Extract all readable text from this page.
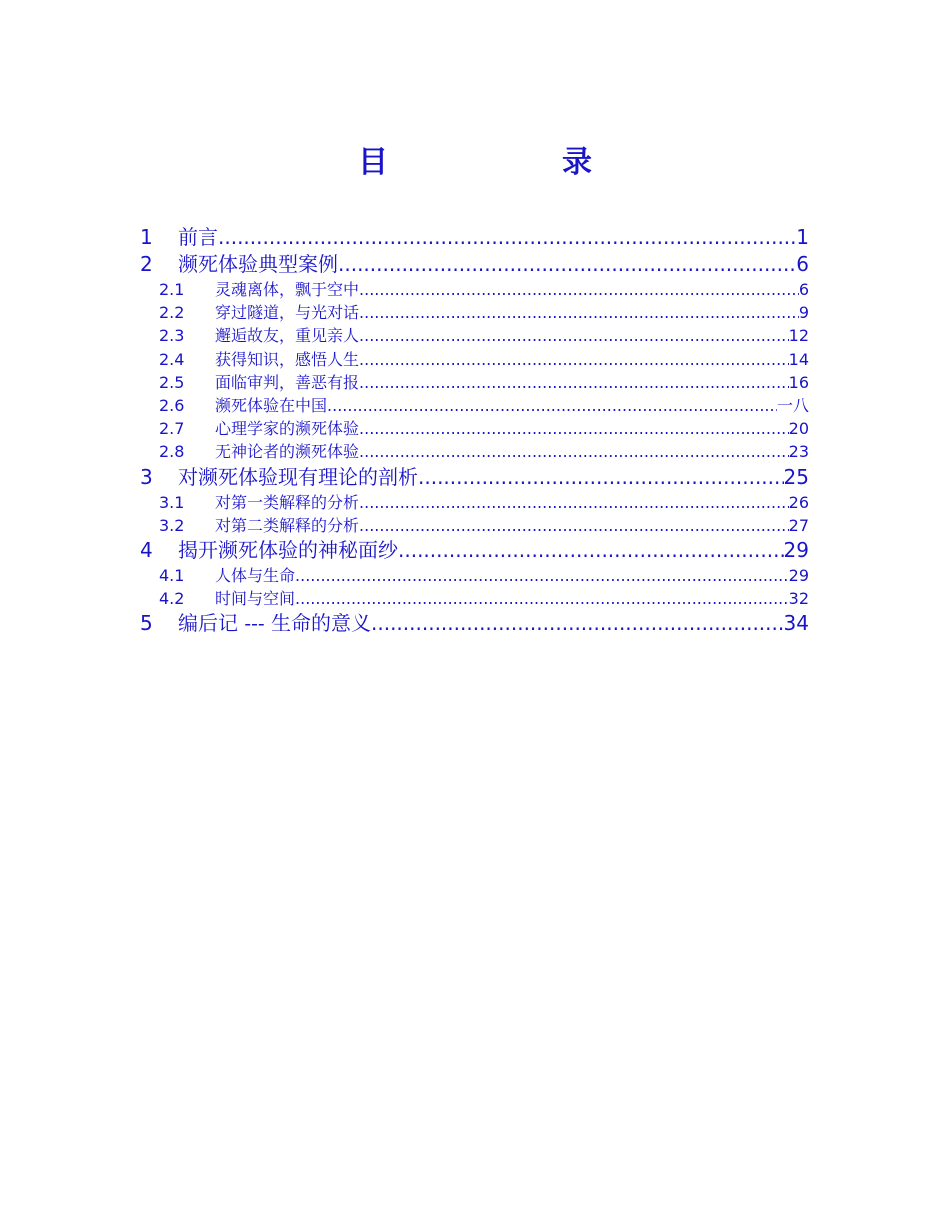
目　录
1	前言 .....	1
2	濒死体验典型案例 .....	6
2.1	灵魂离体，飘于空中 .....	6
2.2	穿过隧道，与光对话 .....	9
2.3	邂逅故友，重见亲人 .....	12
2.4	获得知识，感悟人生 .....	14
2.5	面临审判，善恶有报 .....	16
2.6	濒死体验在中国 .....	一八
2.7	心理学家的濒死体验 .....	20
2.8	无神论者的濒死体验 .....	23
3	对濒死体验现有理论的剖析 .....	25
3.1	对第一类解释的分析 .....	26
3.2	对第二类解释的分析 .....	27
4	揭开濒死体验的神秘面纱 .....	29
4.1	人体与生命 .....	29
4.2	时间与空间 .....	32
5	编后记 --- 生命的意义 .....	34
